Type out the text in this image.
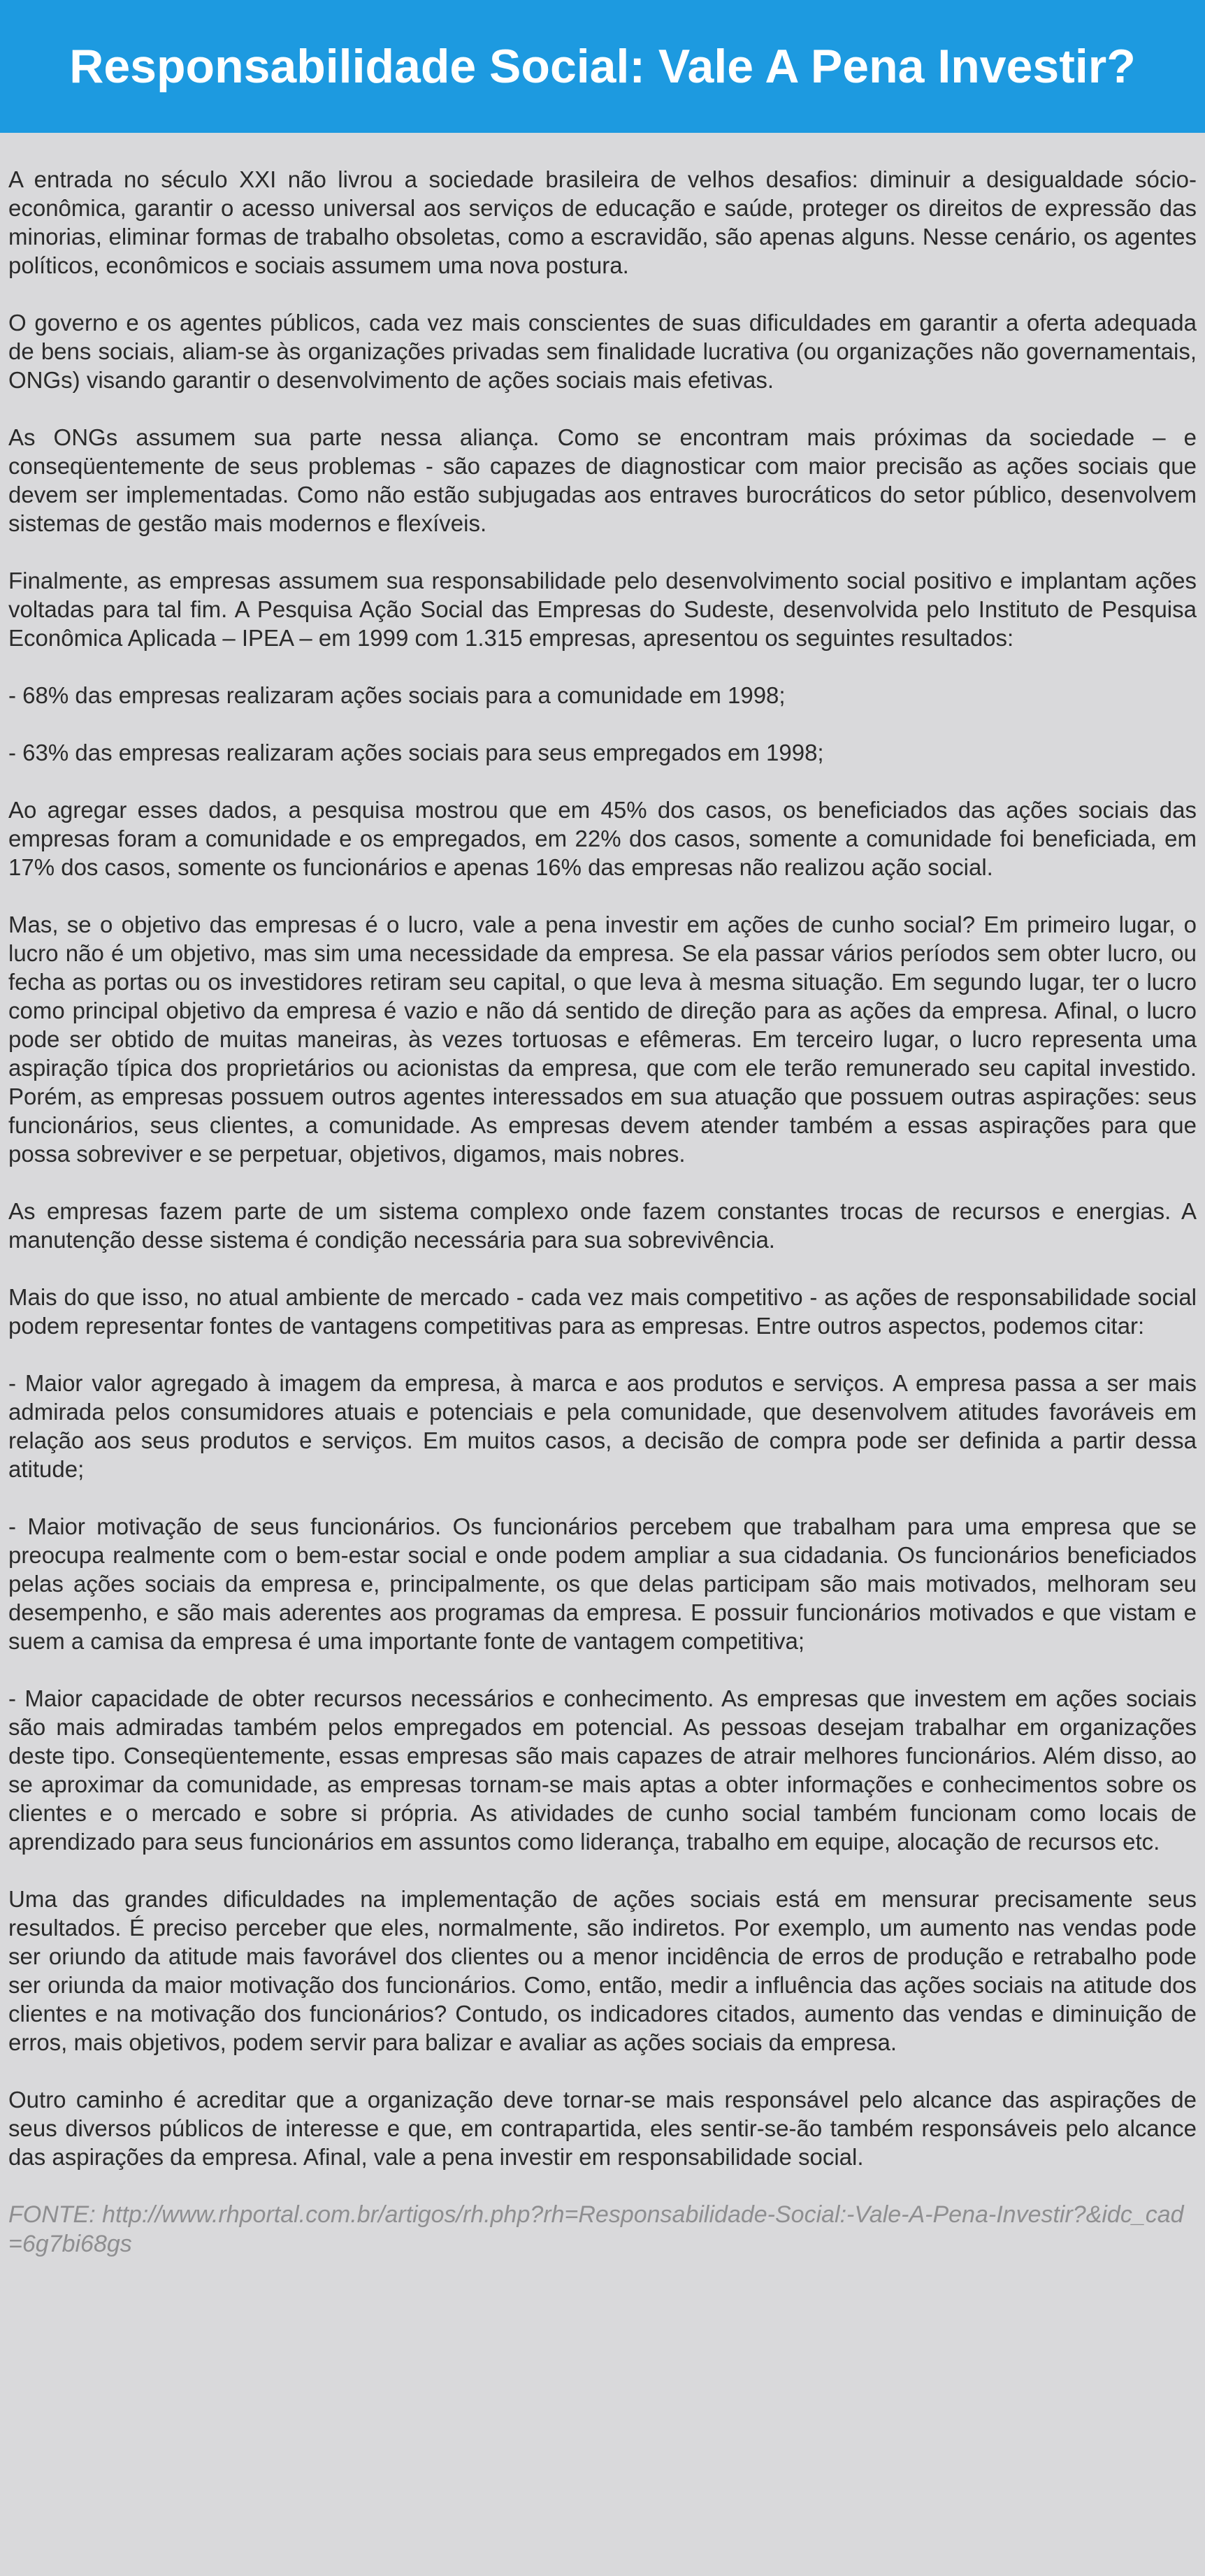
Responsabilidade Social: Vale A Pena Investir?

A entrada no século XXI não livrou a sociedade brasileira de velhos desafios: diminuir a desigualdade sócio-econômica, garantir o acesso universal aos serviços de educação e saúde, proteger os direitos de expressão das minorias, eliminar formas de trabalho obsoletas, como a escravidão, são apenas alguns. Nesse cenário, os agentes políticos, econômicos e sociais assumem uma nova postura.

O governo e os agentes públicos, cada vez mais conscientes de suas dificuldades em garantir a oferta adequada de bens sociais, aliam-se às organizações privadas sem finalidade lucrativa (ou organizações não governamentais, ONGs) visando garantir o desenvolvimento de ações sociais mais efetivas.

As ONGs assumem sua parte nessa aliança. Como se encontram mais próximas da sociedade – e conseqüentemente de seus problemas - são capazes de diagnosticar com maior precisão as ações sociais que devem ser implementadas. Como não estão subjugadas aos entraves burocráticos do setor público, desenvolvem sistemas de gestão mais modernos e flexíveis.

Finalmente, as empresas assumem sua responsabilidade pelo desenvolvimento social positivo e implantam ações voltadas para tal fim. A Pesquisa Ação Social das Empresas do Sudeste, desenvolvida pelo Instituto de Pesquisa Econômica Aplicada – IPEA – em 1999 com 1.315 empresas, apresentou os seguintes resultados:

- 68% das empresas realizaram ações sociais para a comunidade em 1998;

- 63% das empresas realizaram ações sociais para seus empregados em 1998;

Ao agregar esses dados, a pesquisa mostrou que em 45% dos casos, os beneficiados das ações sociais das empresas foram a comunidade e os empregados, em 22% dos casos, somente a comunidade foi beneficiada, em 17% dos casos, somente os funcionários e apenas 16% das empresas não realizou ação social.

Mas, se o objetivo das empresas é o lucro, vale a pena investir em ações de cunho social? Em primeiro lugar, o lucro não é um objetivo, mas sim uma necessidade da empresa. Se ela passar vários períodos sem obter lucro, ou fecha as portas ou os investidores retiram seu capital, o que leva à mesma situação. Em segundo lugar, ter o lucro como principal objetivo da empresa é vazio e não dá sentido de direção para as ações da empresa. Afinal, o lucro pode ser obtido de muitas maneiras, às vezes tortuosas e efêmeras. Em terceiro lugar, o lucro representa uma aspiração típica dos proprietários ou acionistas da empresa, que com ele terão remunerado seu capital investido. Porém, as empresas possuem outros agentes interessados em sua atuação que possuem outras aspirações: seus funcionários, seus clientes, a comunidade. As empresas devem atender também a essas aspirações para que possa sobreviver e se perpetuar, objetivos, digamos, mais nobres.

As empresas fazem parte de um sistema complexo onde fazem constantes trocas de recursos e energias. A manutenção desse sistema é condição necessária para sua sobrevivência.

Mais do que isso, no atual ambiente de mercado - cada vez mais competitivo - as ações de responsabilidade social podem representar fontes de vantagens competitivas para as empresas. Entre outros aspectos, podemos citar:

- Maior valor agregado à imagem da empresa, à marca e aos produtos e serviços. A empresa passa a ser mais admirada pelos consumidores atuais e potenciais e pela comunidade, que desenvolvem atitudes favoráveis em relação aos seus produtos e serviços. Em muitos casos, a decisão de compra pode ser definida a partir dessa atitude;

- Maior motivação de seus funcionários. Os funcionários percebem que trabalham para uma empresa que se preocupa realmente com o bem-estar social e onde podem ampliar a sua cidadania. Os funcionários beneficiados pelas ações sociais da empresa e, principalmente, os que delas participam são mais motivados, melhoram seu desempenho, e são mais aderentes aos programas da empresa. E possuir funcionários motivados e que vistam e suem a camisa da empresa é uma importante fonte de vantagem competitiva;

- Maior capacidade de obter recursos necessários e conhecimento. As empresas que investem em ações sociais são mais admiradas também pelos empregados em potencial. As pessoas desejam trabalhar em organizações deste tipo. Conseqüentemente, essas empresas são mais capazes de atrair melhores funcionários. Além disso, ao se aproximar da comunidade, as empresas tornam-se mais aptas a obter informações e conhecimentos sobre os clientes e o mercado e sobre si própria. As atividades de cunho social também funcionam como locais de aprendizado para seus funcionários em assuntos como liderança, trabalho em equipe, alocação de recursos etc.

Uma das grandes dificuldades na implementação de ações sociais está em mensurar precisamente seus resultados. É preciso perceber que eles, normalmente, são indiretos. Por exemplo, um aumento nas vendas pode ser oriundo da atitude mais favorável dos clientes ou a menor incidência de erros de produção e retrabalho pode ser oriunda da maior motivação dos funcionários. Como, então, medir a influência das ações sociais na atitude dos clientes e na motivação dos funcionários? Contudo, os indicadores citados, aumento das vendas e diminuição de erros, mais objetivos, podem servir para balizar e avaliar as ações sociais da empresa.

Outro caminho é acreditar que a organização deve tornar-se mais responsável pelo alcance das aspirações de seus diversos públicos de interesse e que, em contrapartida, eles sentir-se-ão também responsáveis pelo alcance das aspirações da empresa. Afinal, vale a pena investir em responsabilidade social.

FONTE: http://www.rhportal.com.br/artigos/rh.php?rh=Responsabilidade-Social:-Vale-A-Pena-Investir?&idc_cad=6g7bi68gs
